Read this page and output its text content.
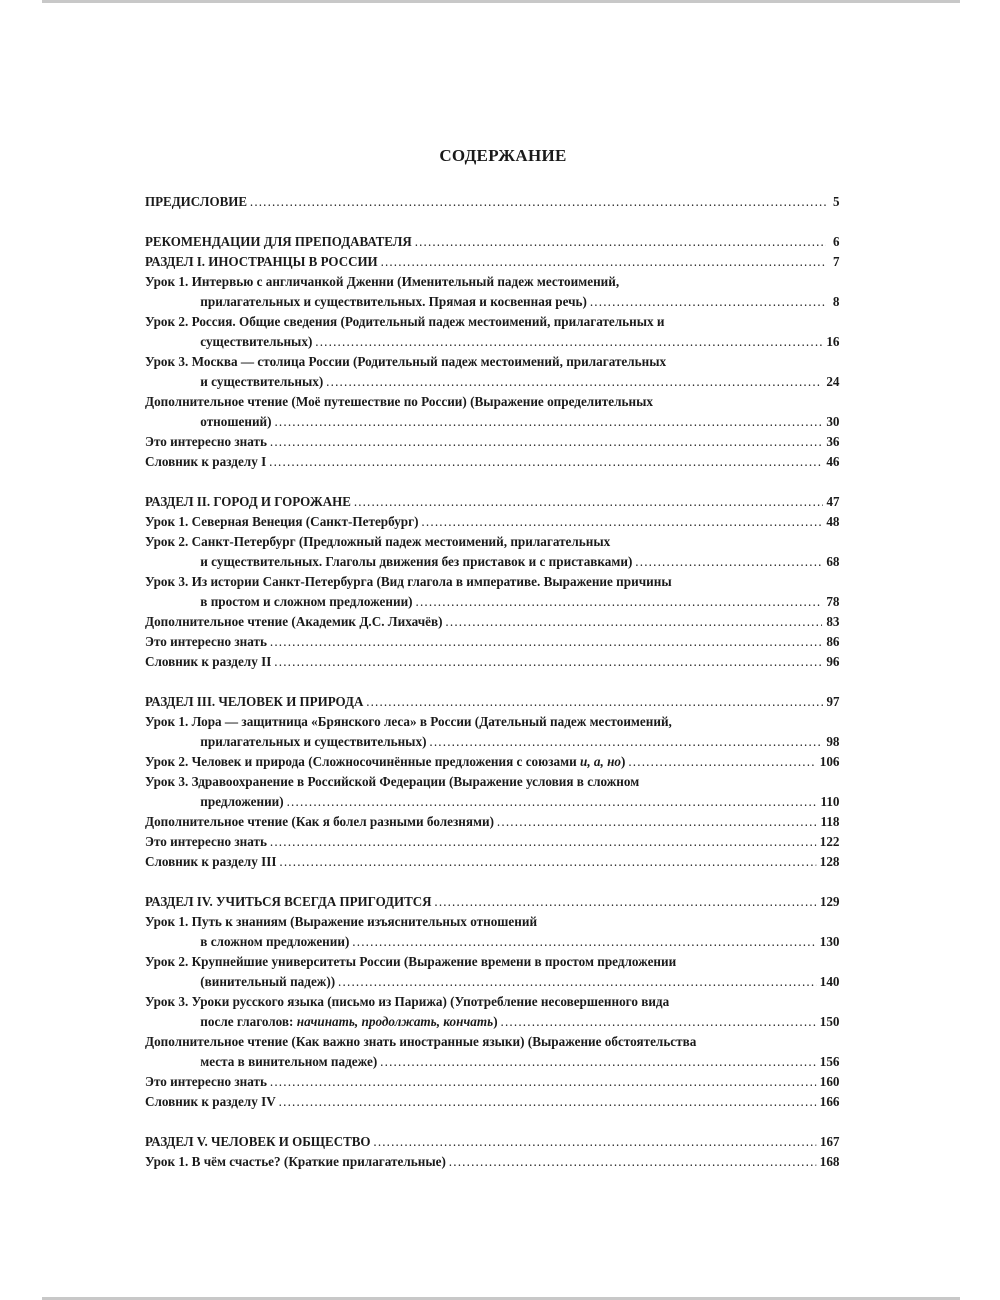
СОДЕРЖАНИЕ
ПРЕДИСЛОВИЕ .....	5
РЕКОМЕНДАЦИИ ДЛЯ ПРЕПОДАВАТЕЛЯ .....	6
РАЗДЕЛ I. ИНОСТРАНЦЫ В РОССИИ .....	7
Урок 1. Интервью с англичанкой Дженни (Именительный падеж местоимений,
прилагательных и существительных. Прямая и косвенная речь) .....	8
Урок 2. Россия. Общие сведения (Родительный падеж местоимений, прилагательных и
существительных) .....	16
Урок 3. Москва — столица России (Родительный падеж местоимений, прилагательных
и существительных) .....	24
Дополнительное чтение (Моё путешествие по России) (Выражение определительных
отношений) .....	30
Это интересно знать .....	36
Словник к разделу I .....	46
РАЗДЕЛ II. ГОРОД И ГОРОЖАНЕ .....	47
Урок 1. Северная Венеция (Санкт-Петербург) .....	48
Урок 2. Санкт-Петербург (Предложный падеж местоимений, прилагательных
и существительных. Глаголы движения без приставок и с приставками) .....	68
Урок 3. Из истории Санкт-Петербурга (Вид глагола в императиве. Выражение причины
в простом и сложном предложении) .....	78
Дополнительное чтение (Академик Д.С. Лихачёв) .....	83
Это интересно знать .....	86
Словник к разделу II .....	96
РАЗДЕЛ III. ЧЕЛОВЕК И ПРИРОДА .....	97
Урок 1. Лора — защитница «Брянского леса» в России (Дательный падеж местоимений,
прилагательных и существительных) .....	98
Урок 2. Человек и природа (Сложносочинённые предложения с союзами и, а, но) .....	106
Урок 3. Здравоохранение в Российской Федерации (Выражение условия в сложном
предложении) .....	110
Дополнительное чтение (Как я болел разными болезнями) .....	118
Это интересно знать .....	122
Словник к разделу III .....	128
РАЗДЕЛ IV. УЧИТЬСЯ ВСЕГДА ПРИГОДИТСЯ .....	129
Урок 1. Путь к знаниям (Выражение изъяснительных отношений
в сложном предложении) .....	130
Урок 2. Крупнейшие университеты России (Выражение времени в простом предложении
(винительный падеж)) .....	140
Урок 3. Уроки русского языка (письмо из Парижа) (Употребление несовершенного вида
после глаголов: начинать, продолжать, кончать) .....	150
Дополнительное чтение (Как важно знать иностранные языки) (Выражение обстоятельства
места в винительном падеже) .....	156
Это интересно знать .....	160
Словник к разделу IV .....	166
РАЗДЕЛ V. ЧЕЛОВЕК И ОБЩЕСТВО .....	167
Урок 1. В чём счастье? (Краткие прилагательные) .....	168
